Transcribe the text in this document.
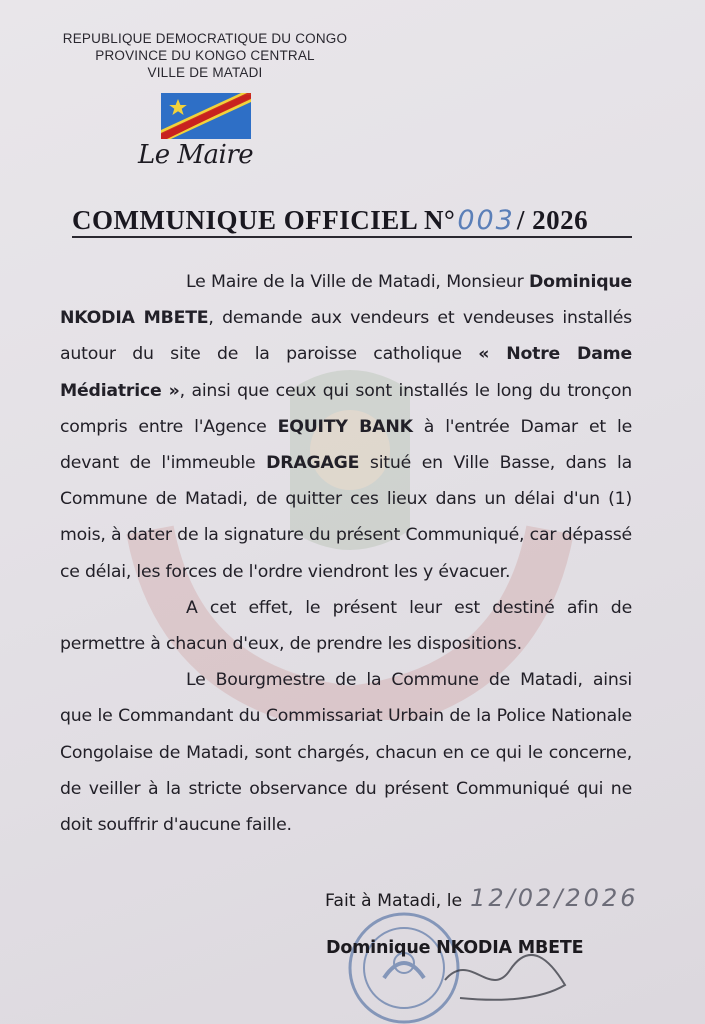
REPUBLIQUE DEMOCRATIQUE DU CONGO
PROVINCE DU KONGO CENTRAL
VILLE DE MATADI
Le Maire
COMMUNIQUE OFFICIEL N°003/ 2026

Le Maire de la Ville de Matadi, Monsieur Dominique NKODIA MBETE, demande aux vendeurs et vendeuses installés autour du site de la paroisse catholique « Notre Dame Médiatrice », ainsi que ceux qui sont installés le long du tronçon compris entre l'Agence EQUITY BANK à l'entrée Damar et le devant de l'immeuble DRAGAGE situé en Ville Basse, dans la Commune de Matadi, de quitter ces lieux dans un délai d'un (1) mois, à dater de la signature du présent Communiqué, car dépassé ce délai, les forces de l'ordre viendront les y évacuer.

A cet effet, le présent leur est destiné afin de permettre à chacun d'eux, de prendre les dispositions.

Le Bourgmestre de la Commune de Matadi, ainsi que le Commandant du Commissariat Urbain de la Police Nationale Congolaise de Matadi, sont chargés, chacun en ce qui le concerne, de veiller à la stricte observance du présent Communiqué qui ne doit souffrir d'aucune faille.

Fait à Matadi, le 12/02/2026
Dominique NKODIA MBETE
